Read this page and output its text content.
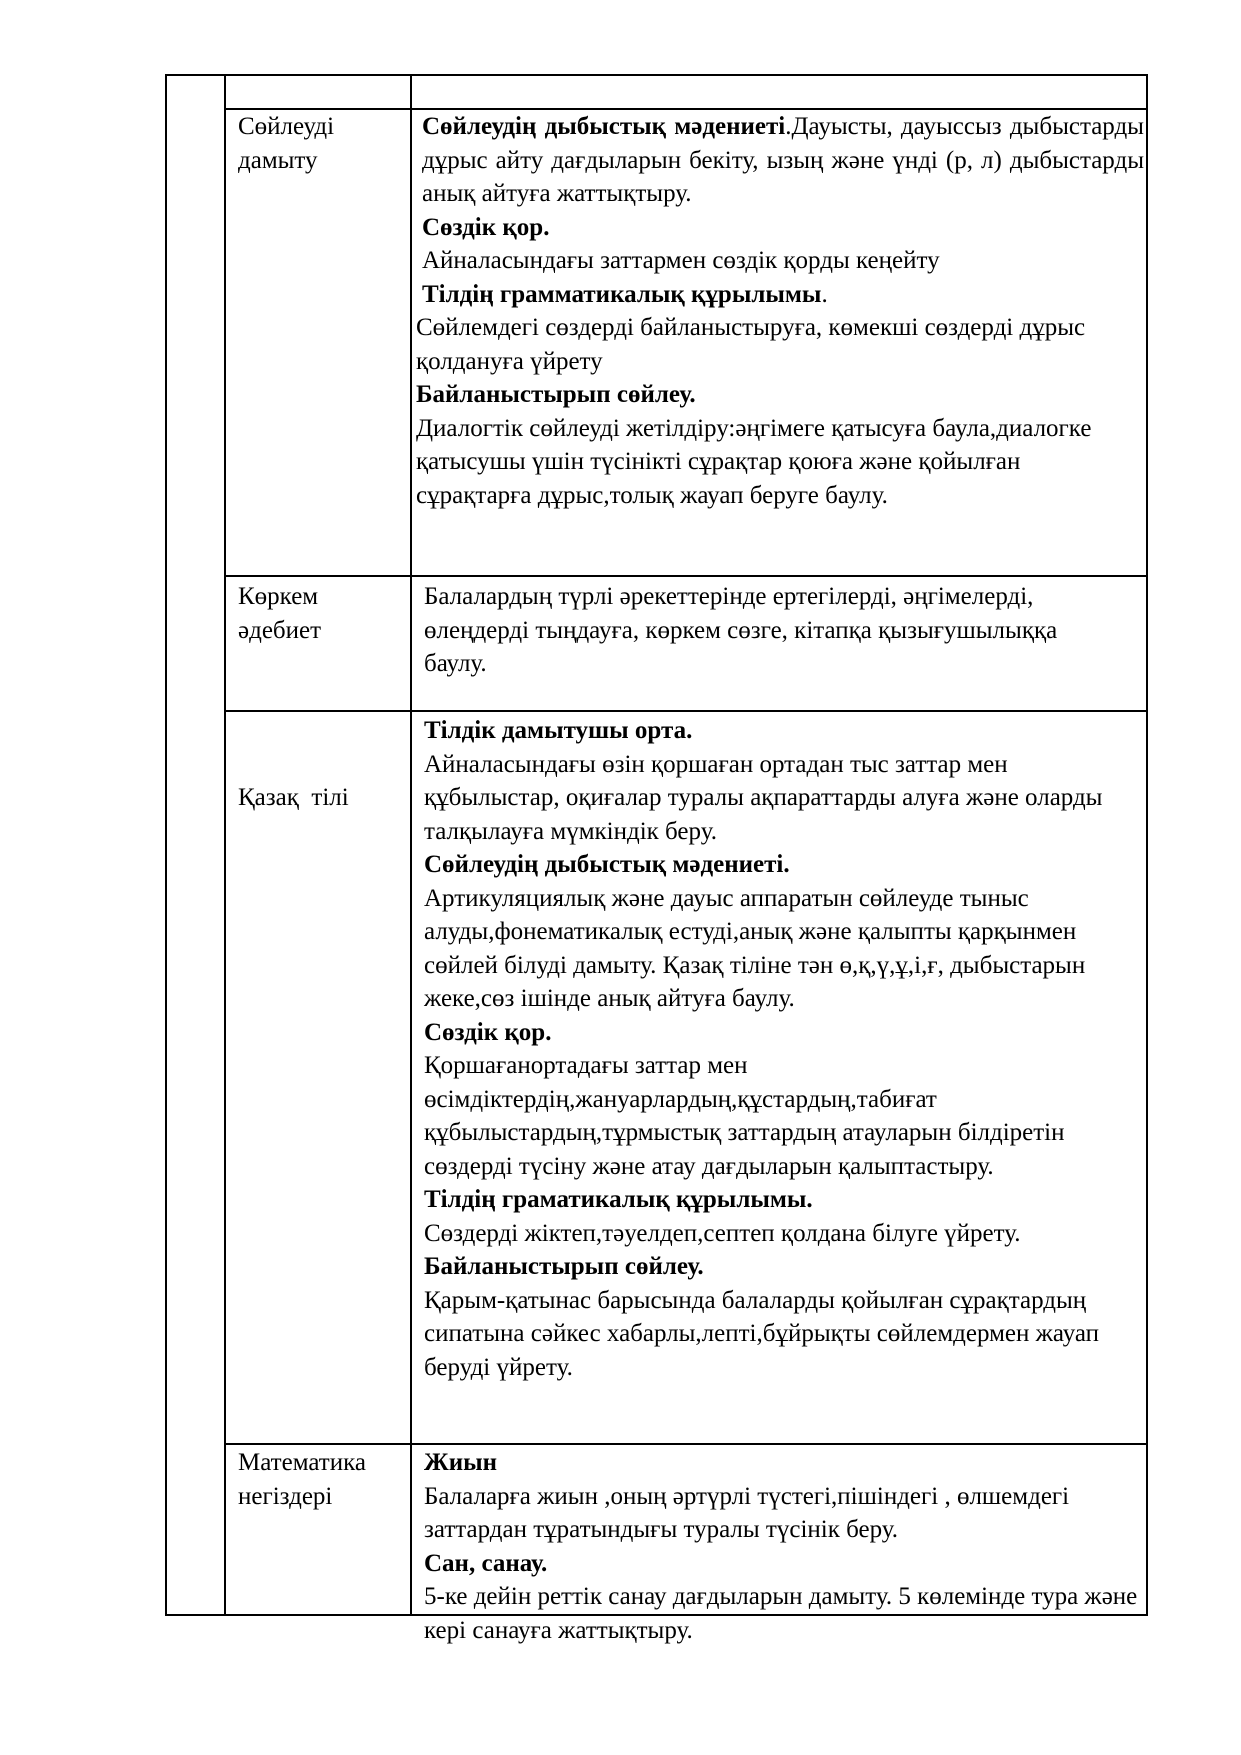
Сөйлеуді
дамыту

Сөйлеудің дыбыстық мәдениеті.Дауысты, дауыссыз дыбыстарды дұрыс айту дағдыларын бекіту, ызың және үнді (р, л) дыбыстарды анық айтуға жаттықтыру.

Сөздік қор.

Айналасындағы заттармен сөздік қорды кеңейту

Тілдің грамматикалық құрылымы.

Сөйлемдегі сөздерді байланыстыруға, көмекші сөздерді дұрыс қолдануға үйрету

Байланыстырып сөйлеу.

Диалогтік сөйлеуді жетілдіру:әңгімеге қатысуға баула,диалогке қатысушы үшін түсінікті сұрақтар қоюға және қойылған сұрақтарға дұрыс,толық жауап беруге баулу.

Көркем
әдебиет

Балалардың түрлі әрекеттерінде ертегілерді, әңгімелерді, өлеңдерді тыңдауға, көркем сөзге, кітапқа қызығушылыққа баулу.

Қазақ  тілі

Тілдік дамытушы орта.

Айналасындағы өзін қоршаған ортадан тыс заттар мен құбылыстар, оқиғалар туралы ақпараттарды алуға және оларды талқылауға мүмкіндік беру.

Сөйлеудің дыбыстық мәдениеті.

Артикуляциялық және дауыс аппаратын сөйлеуде тыныс алуды,фонематикалық естуді,анық және қалыпты қарқынмен сөйлей білуді дамыту. Қазақ тіліне тән ө,қ,ү,ұ,і,ғ, дыбыстарын жеке,сөз ішінде анық айтуға баулу.

Сөздік қор.

Қоршағанортадағы заттар мен өсімдіктердің,жануарлардың,құстардың,табиғат құбылыстардың,тұрмыстық заттардың атауларын білдіретін сөздерді түсіну және атау дағдыларын қалыптастыру.

Тілдің граматикалық құрылымы.

Сөздерді жіктеп,тәуелдеп,септеп қолдана білуге үйрету.

Байланыстырып сөйлеу.

Қарым-қатынас барысында балаларды қойылған сұрақтардың сипатына сәйкес хабарлы,лепті,бұйрықты сөйлемдермен жауап беруді үйрету.

Математика
негіздері

Жиын

Балаларға жиын ,оның әртүрлі түстегі,пішіндегі , өлшемдегі заттардан тұратындығы туралы түсінік беру.

Сан, санау.

5-ке дейін реттік санау дағдыларын дамыту. 5 көлемінде тура және кері санауға жаттықтыру.
